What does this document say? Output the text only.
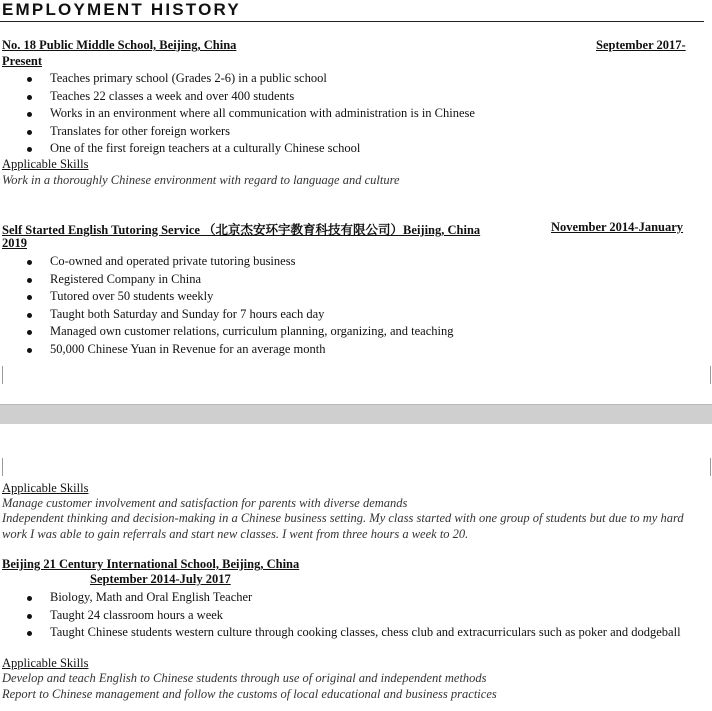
EMPLOYMENT HISTORY
No. 18 Public Middle School, Beijing, China	September 2017-
Present
Teaches primary school (Grades 2-6) in a public school
Teaches 22 classes a week and over 400 students
Works in an environment where all communication with administration is in Chinese
Translates for other foreign workers
One of the first foreign teachers at a culturally Chinese school
Applicable Skills
Work in a thoroughly Chinese environment with regard to language and culture
Self Started English Tutoring Service （北京杰安环宇教育科技有限公司）Beijing, China	November 2014-January
2019
Co-owned and operated private tutoring business
Registered Company in China
Tutored over 50 students weekly
Taught both Saturday and Sunday for 7 hours each day
Managed own customer relations, curriculum planning, organizing, and teaching
50,000 Chinese Yuan in Revenue for an average month
Applicable Skills
Manage customer involvement and satisfaction for parents with diverse demands
Independent thinking and decision-making in a Chinese business setting. My class started with one group of students but due to my hard work I was able to gain referrals and start new classes. I went from three hours a week to 20.
Beijing 21 Century International School, Beijing, China
September 2014-July 2017
Biology, Math and Oral English Teacher
Taught 24 classroom hours a week
Taught Chinese students western culture through cooking classes, chess club and extracurriculars such as poker and dodgeball
Applicable Skills
Develop and teach English to Chinese students through use of original and independent methods
Report to Chinese management and follow the customs of local educational and business practices
